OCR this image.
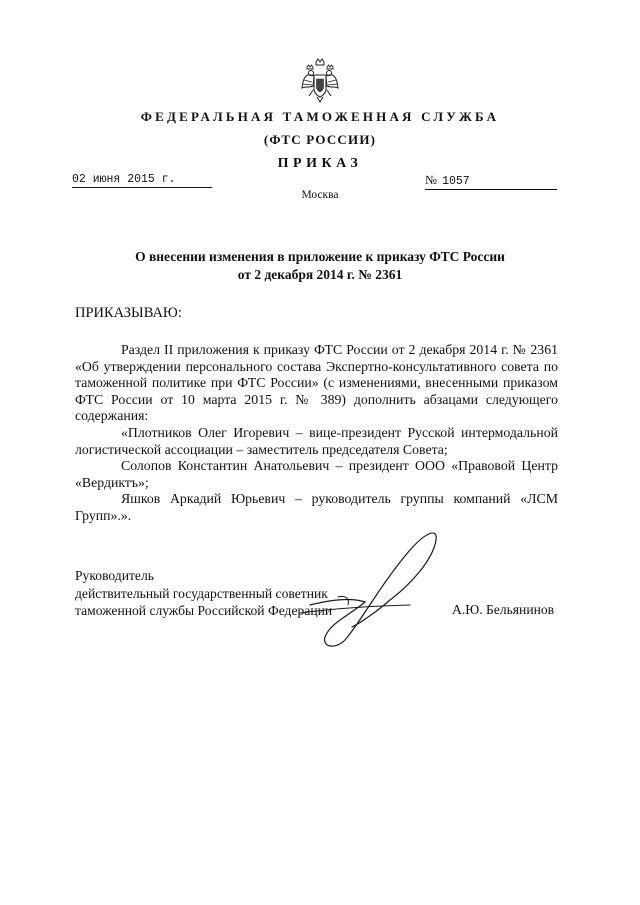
ФЕДЕРАЛЬНАЯ ТАМОЖЕННАЯ СЛУЖБА
(ФТС РОССИИ)
ПРИКАЗ
02 июня 2015 г.	№ 1057
Москва
О внесении изменения в приложение к приказу ФТС России
от 2 декабря 2014 г. № 2361
ПРИКАЗЫВАЮ:

Раздел II приложения к приказу ФТС России от 2 декабря 2014 г. № 2361 «Об утверждении персонального состава Экспертно-консультативного совета по таможенной политике при ФТС России» (с изменениями, внесенными приказом ФТС России от 10 марта 2015 г. № 389) дополнить абзацами следующего содержания:

«Плотников Олег Игоревич – вице-президент Русской интермодальной логистической ассоциации – заместитель председателя Совета;

Солопов Константин Анатольевич – президент ООО «Правовой Центр «Вердиктъ»;

Яшков Аркадий Юрьевич – руководитель группы компаний «ЛСМ Групп».».

Руководитель
действительный государственный советник
таможенной службы Российской Федерации	А.Ю. Бельянинов
